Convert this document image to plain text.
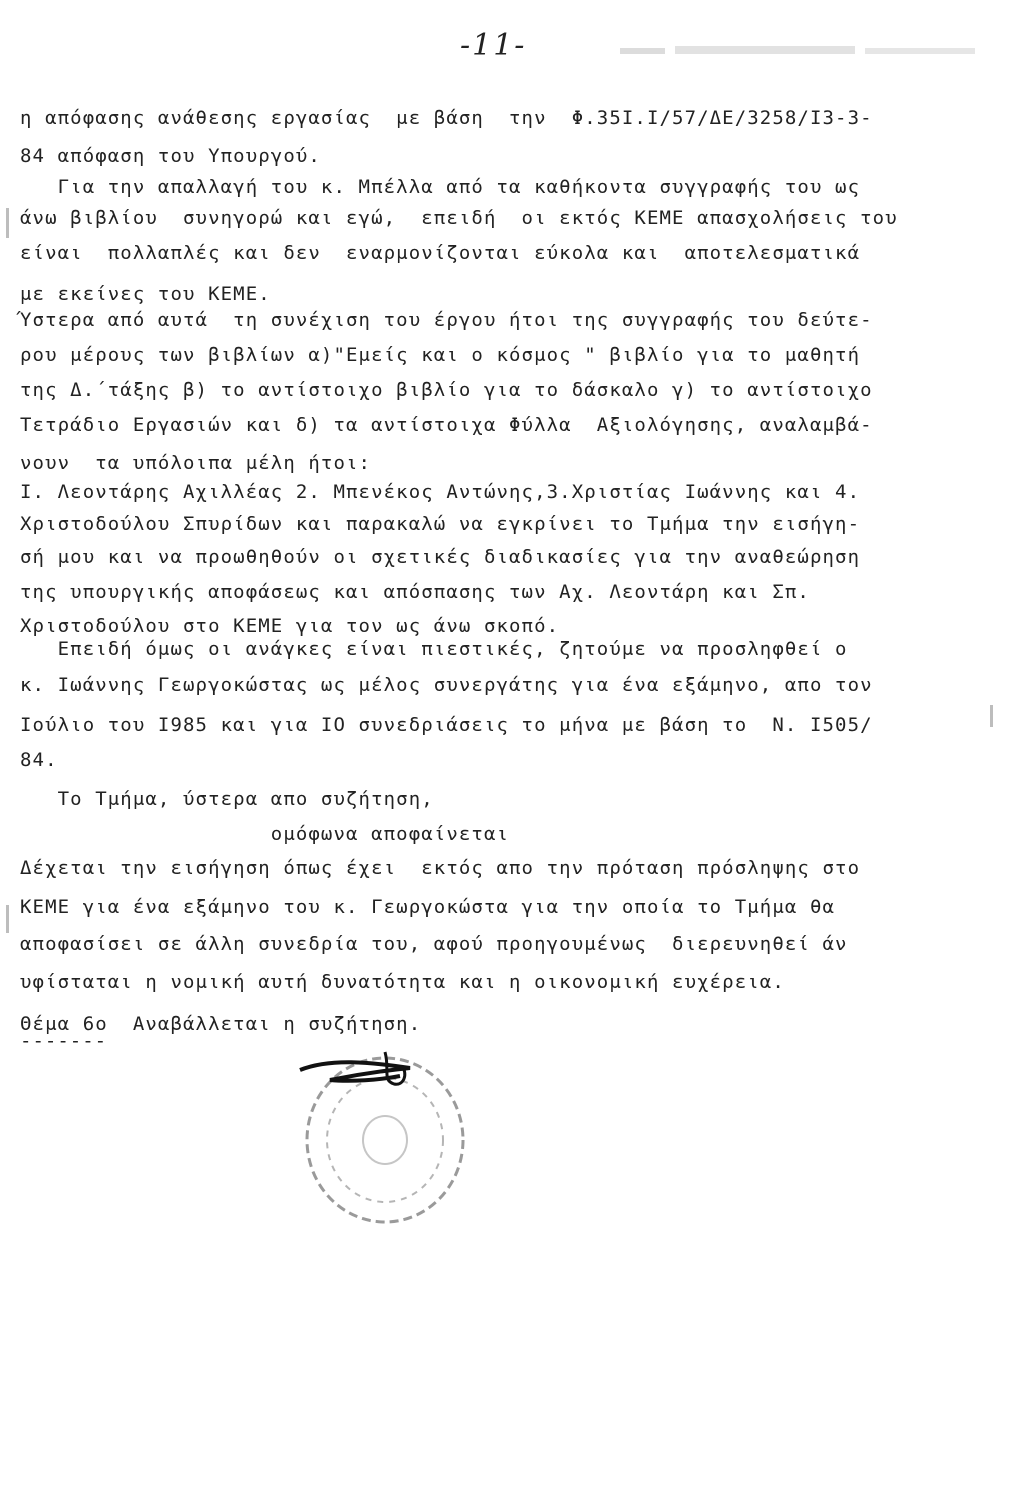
-11-
η απόφασης ανάθεσης εργασίας  με βάση  την  Φ.35Ι.Ι/57/ΔΕ/3258/Ι3-3-
84 απόφαση του Υπουργού.
Για την απαλλαγή του κ. Μπέλλα από τα καθήκοντα συγγραφής του ως
άνω βιβλίου  συνηγορώ και εγώ,  επειδή  οι εκτός ΚΕΜΕ απασχολήσεις του
είναι  πολλαπλές και δεν  εναρμονίζονται εύκολα και  αποτελεσματικά
με εκείνες του ΚΕΜΕ.
Ύστερα από αυτά  τη συνέχιση του έργου ήτοι της συγγραφής του δεύτε-
ρου μέρους των βιβλίων α)"Εμείς και ο κόσμος " βιβλίο για το μαθητή
της Δ.΄τάξης β) το αντίστοιχο βιβλίο για το δάσκαλο γ) το αντίστοιχο
Τετράδιο Εργασιών και δ) τα αντίστοιχα Φύλλα  Αξιολόγησης, αναλαμβά-
νουν  τα υπόλοιπα μέλη ήτοι:
Ι. Λεοντάρης Αχιλλέας 2. Μπενέκος Αντώνης,3.Χριστίας Ιωάννης και 4.
Χριστοδούλου Σπυρίδων και παρακαλώ να εγκρίνει το Τμήμα την εισήγη-
σή μου και να προωθηθούν οι σχετικές διαδικασίες για την αναθεώρηση
της υπουργικής αποφάσεως και απόσπασης των Αχ. Λεοντάρη και Σπ.
Χριστοδούλου στο ΚΕΜΕ για τον ως άνω σκοπό.
Επειδή όμως οι ανάγκες είναι πιεστικές, ζητούμε να προσληφθεί ο
κ. Ιωάννης Γεωργοκώστας ως μέλος συνεργάτης για ένα εξάμηνο, απο τον
Ιούλιο του Ι985 και για ΙΟ συνεδριάσεις το μήνα με βάση το  Ν. Ι505/
84.
Το Τμήμα, ύστερα απο συζήτηση,
ομόφωνα αποφαίνεται
Δέχεται την εισήγηση όπως έχει  εκτός απο την πρόταση πρόσληψης στο
ΚΕΜΕ για ένα εξάμηνο του κ. Γεωργοκώστα για την οποία το Τμήμα θα
αποφασίσει σε άλλη συνεδρία του, αφού προηγουμένως  διερευνηθεί άν
υφίσταται η νομική αυτή δυνατότητα και η οικονομική ευχέρεια.
Θέμα 6ο  Αναβάλλεται η συζήτηση.
-------
